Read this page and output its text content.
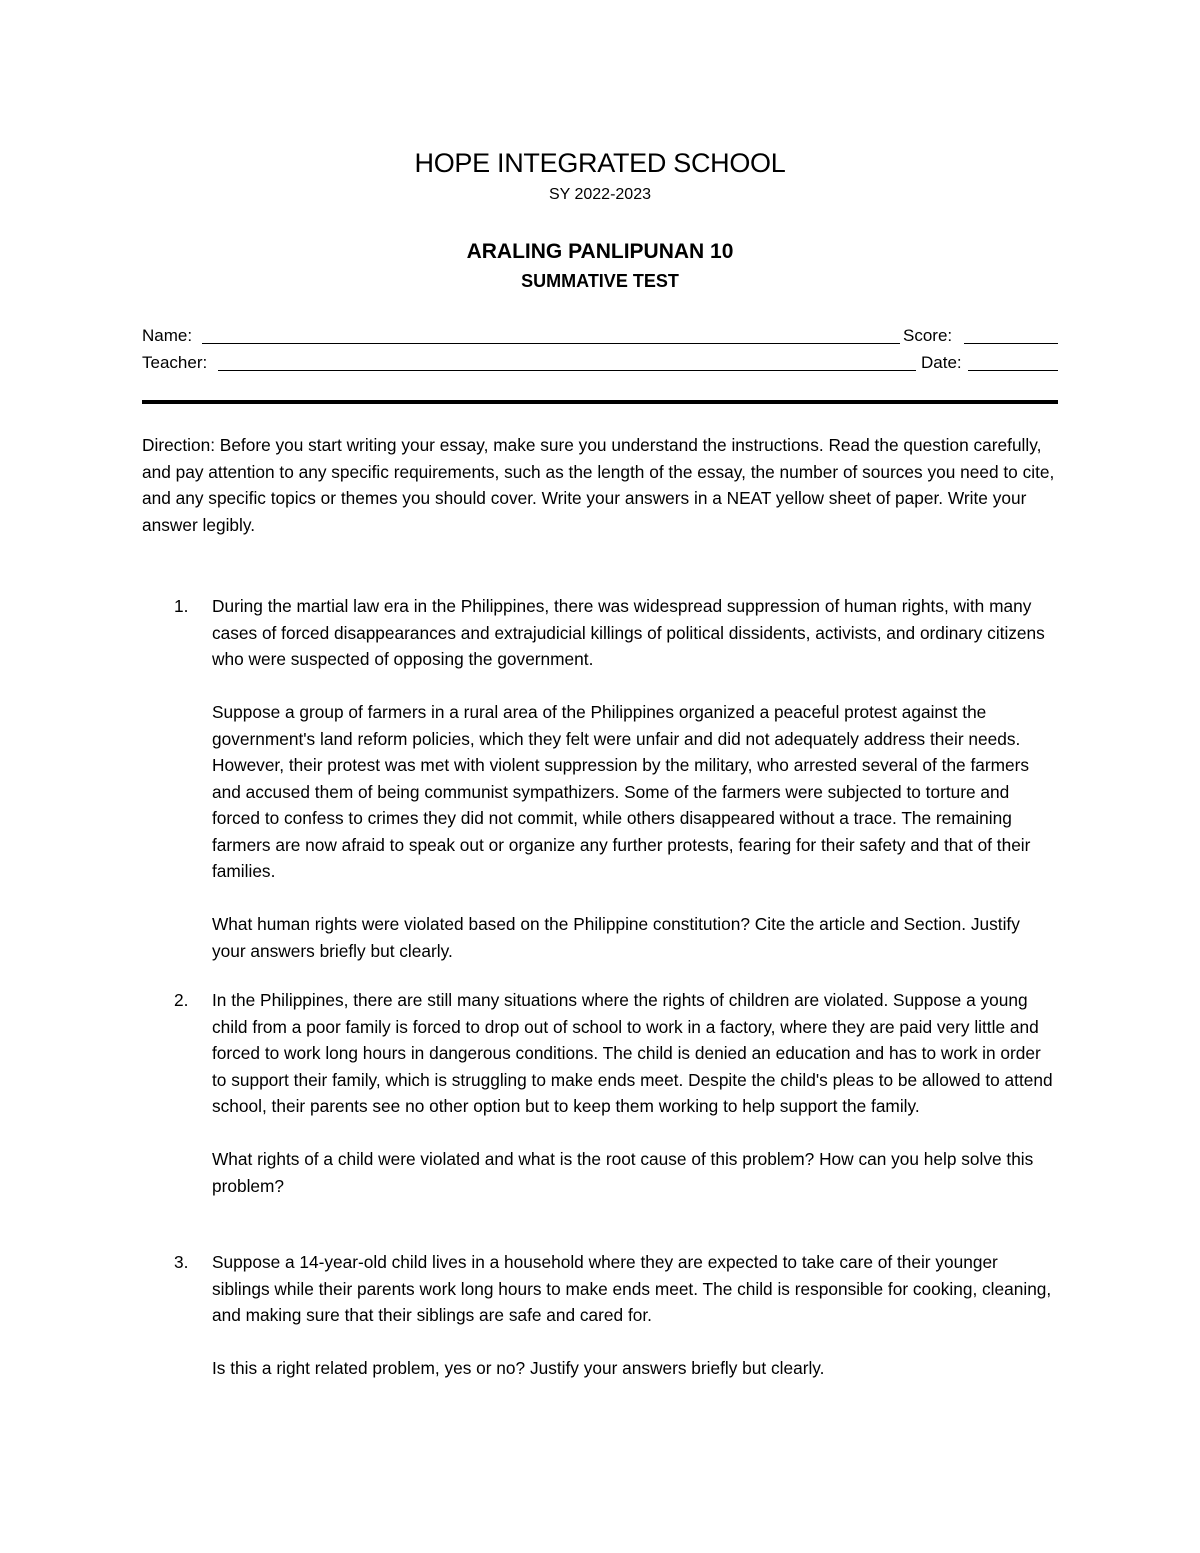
HOPE INTEGRATED SCHOOL
SY 2022-2023
ARALING PANLIPUNAN 10
SUMMATIVE TEST
Name:	Score:
Teacher:	Date:
Direction: Before you start writing your essay, make sure you understand the instructions. Read the question carefully, and pay attention to any specific requirements, such as the length of the essay, the number of sources you need to cite, and any specific topics or themes you should cover. Write your answers in a NEAT yellow sheet of paper. Write your answer legibly.
1. During the martial law era in the Philippines, there was widespread suppression of human rights, with many cases of forced disappearances and extrajudicial killings of political dissidents, activists, and ordinary citizens who were suspected of opposing the government.
Suppose a group of farmers in a rural area of the Philippines organized a peaceful protest against the government's land reform policies, which they felt were unfair and did not adequately address their needs. However, their protest was met with violent suppression by the military, who arrested several of the farmers and accused them of being communist sympathizers. Some of the farmers were subjected to torture and forced to confess to crimes they did not commit, while others disappeared without a trace. The remaining farmers are now afraid to speak out or organize any further protests, fearing for their safety and that of their families.
What human rights were violated based on the Philippine constitution? Cite the article and Section. Justify your answers briefly but clearly.
2. In the Philippines, there are still many situations where the rights of children are violated. Suppose a young child from a poor family is forced to drop out of school to work in a factory, where they are paid very little and forced to work long hours in dangerous conditions. The child is denied an education and has to work in order to support their family, which is struggling to make ends meet. Despite the child's pleas to be allowed to attend school, their parents see no other option but to keep them working to help support the family.
What rights of a child were violated and what is the root cause of this problem? How can you help solve this problem?
3. Suppose a 14-year-old child lives in a household where they are expected to take care of their younger siblings while their parents work long hours to make ends meet. The child is responsible for cooking, cleaning, and making sure that their siblings are safe and cared for.
Is this a right related problem, yes or no? Justify your answers briefly but clearly.
